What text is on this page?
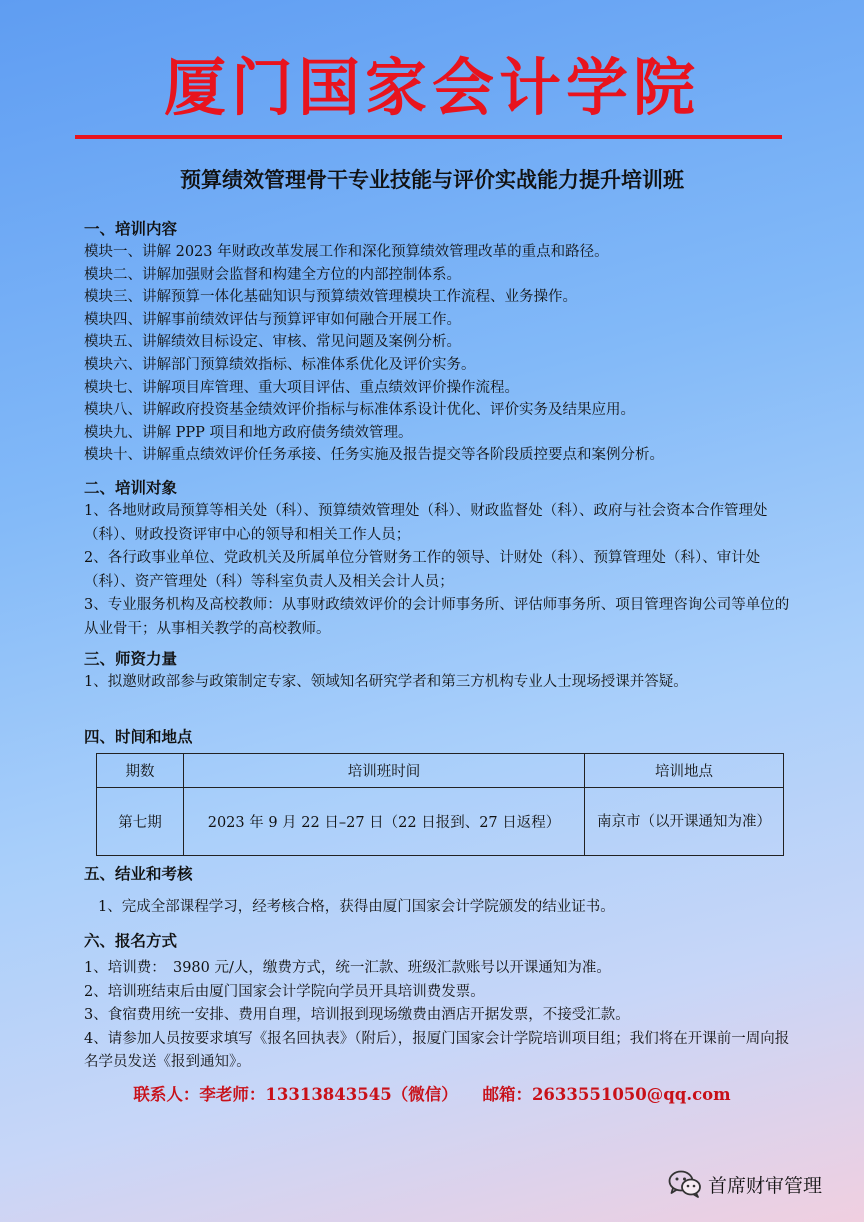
厦门国家会计学院
预算绩效管理骨干专业技能与评价实战能力提升培训班
一、培训内容
模块一、讲解 2023 年财政改革发展工作和深化预算绩效管理改革的重点和路径。
模块二、讲解加强财会监督和构建全方位的内部控制体系。
模块三、讲解预算一体化基础知识与预算绩效管理模块工作流程、业务操作。
模块四、讲解事前绩效评估与预算评审如何融合开展工作。
模块五、讲解绩效目标设定、审核、常见问题及案例分析。
模块六、讲解部门预算绩效指标、标准体系优化及评价实务。
模块七、讲解项目库管理、重大项目评估、重点绩效评价操作流程。
模块八、讲解政府投资基金绩效评价指标与标准体系设计优化、评价实务及结果应用。
模块九、讲解 PPP 项目和地方政府债务绩效管理。
模块十、讲解重点绩效评价任务承接、任务实施及报告提交等各阶段质控要点和案例分析。
二、培训对象
1、各地财政局预算等相关处（科）、预算绩效管理处（科）、财政监督处（科）、政府与社会资本合作管理处（科）、财政投资评审中心的领导和相关工作人员；
2、各行政事业单位、党政机关及所属单位分管财务工作的领导、计财处（科）、预算管理处（科）、审计处（科）、资产管理处（科）等科室负责人及相关会计人员；
3、专业服务机构及高校教师：从事财政绩效评价的会计师事务所、评估师事务所、项目管理咨询公司等单位的从业骨干；从事相关教学的高校教师。
三、师资力量
1、拟邀财政部参与政策制定专家、领域知名研究学者和第三方机构专业人士现场授课并答疑。
四、时间和地点
期数	培训班时间	培训地点
第七期	2023 年 9 月 22 日–27 日（22 日报到、27 日返程）	南京市（以开课通知为准）
五、结业和考核
1、完成全部课程学习，经考核合格，获得由厦门国家会计学院颁发的结业证书。
六、报名方式
1、培训费：　3980 元/人，缴费方式，统一汇款、班级汇款账号以开课通知为准。
2、培训班结束后由厦门国家会计学院向学员开具培训费发票。
3、食宿费用统一安排、费用自理，培训报到现场缴费由酒店开据发票，不接受汇款。
4、请参加人员按要求填写《报名回执表》（附后），报厦门国家会计学院培训项目组；我们将在开课前一周向报名学员发送《报到通知》。
联系人：李老师：13313843545（微信）　　 邮箱：2633551050@qq.com
首席财审管理
